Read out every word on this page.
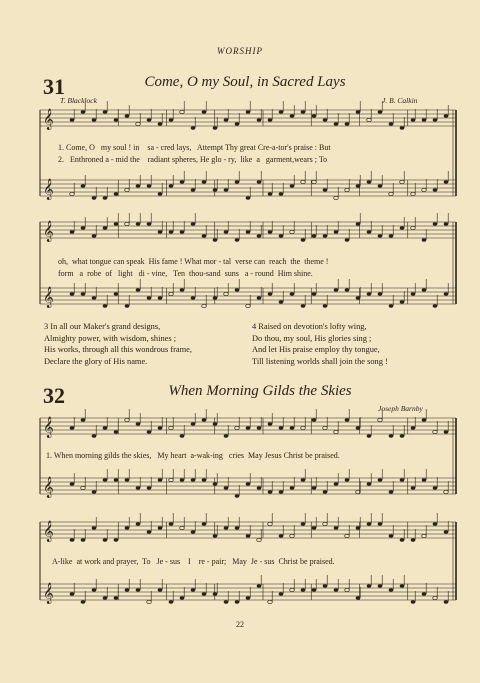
WORSHIP
31	Come, O my Soul, in Sacred Lays
T. Blacklock	J. B. Calkin
𝄞
𝄞
𝄞
𝄞
𝄞
𝄞
𝄞
𝄞
1. Come, O   my soul ! in    sa - cred lays,   Attempt Thy great Cre-a-tor's praise : But
2.   Enthroned a - mid the    radiant spheres, He glo - ry,  like  a   garment,wears ; To
oh,  what tongue can speak  His fame ! What mor - tal  verse can  reach  the  theme !
form   a  robe  of   light   di - vine,   Ten  thou-sand  suns   a - round  Him shine.
3 In all our Maker's grand designs,
Almighty power, with wisdom, shines ;
His works, through all this wondrous frame,
Declare the glory of His name.
4 Raised on devotion's lofty wing,
Do thou, my soul, His glories sing ;
And let His praise employ thy tongue,
Till listening worlds shall join the song !
32	When Morning Gilds the Skies
Joseph Barnby
1. When morning gilds the skies,   My heart  a-wak-ing   cries  May Jesus Christ be praised.
A-like  at work and prayer,  To   Je - sus    I    re - pair;   May  Je - sus  Christ be praised.
22
